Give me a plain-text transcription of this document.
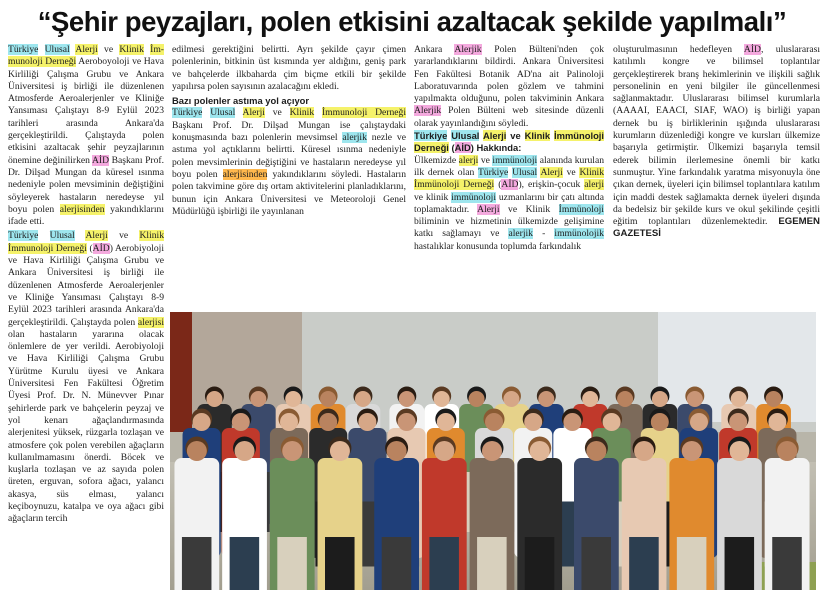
“Şehir peyzajları, polen etkisini azaltacak şekilde yapılmalı”

Türkiye Ulusal Alerji ve Klinik İm-munoloji Derneği Aeroboyoloji ve Hava Kirliliği Çalışma Grubu ve Ankara Üniversitesi iş birliği ile düzenlenen Atmosferde Aeroalerjenler ve Kliniğe Yansıması Çalıştayı 8-9 Eylül 2023 tarihleri arasında Ankara'da gerçekleştirildi. Çalıştayda polen etkisini azaltacak şehir peyzajlarının önemine değinilirken AİD Başkanı Prof. Dr. Dilşad Mungan da küresel ısınma nedeniyle polen mevsiminin değiştiğini söyleyerek hastaların neredeyse yıl boyu polen alerjisinden yakındıklarını ifade etti.

Türkiye Ulusal Alerji ve Klinik İmmunoloji Derneği (AİD) Aerobiyoloji ve Hava Kirliliği Çalışma Grubu ve Ankara Üniversitesi iş birliği ile düzenlenen Atmosferde Aeroalerjenler ve Kliniğe Yansıması Çalıştayı 8-9 Eylül 2023 tarihleri arasında Ankara'da gerçekleştirildi. Çalıştayda polen alerjisi olan hastaların yararına olacak önlemlere de yer verildi. Aerobiyoloji ve Hava Kirliliği Çalışma Grubu Yürütme Kurulu üyesi ve Ankara Üniversitesi Fen Fakültesi Öğretim Üyesi Prof. Dr. N. Münevver Pınar şehirlerde park ve bahçelerin peyzaj ve yol kenarı ağaçlandırmasında alerjenitesi yüksek, rüzgarla tozlaşan ve atmosfere çok polen verebilen ağaçların kullanılmamasını önerdi. Böcek ve kuşlarla tozlaşan ve az sayıda polen üreten, erguvan, sofora ağacı, yalancı akasya, süs elması, yalancı keçiboynuzu, katalpa ve oya ağacı gibi ağaçların tercih

edilmesi gerektiğini belirtti. Ayrı şekilde çayır çimen polenlerinin, bitkinin üst kısmında yer aldığını, geniş park ve bahçelerde ilkbaharda çim biçme etkili bir şekilde yapılırsa polen sayısının azalacağını ekledi.

Bazı polenler astıma yol açıyor

Türkiye Ulusal Alerji ve Klinik İmmunoloji Derneği Başkanı Prof. Dr. Dilşad Mungan ise çalıştaydaki konuşmasında bazı polenlerin mevsimsel alerjik nezle ve astıma yol açtıklarını belirtti. Küresel ısınma nedeniyle polen mevsimlerinin değiştiğini ve hastaların neredeyse yıl boyu polen alerjisinden yakındıklarını söyledi. Hastaların polen takvimine göre dış ortam aktivitelerini planladıklarını, bunun için Ankara Üniversitesi ve Meteoroloji Genel Müdürlüğü işbirliği ile yayınlanan

Ankara Alerjik Polen Bülteni'nden çok yararlandıklarını bildirdi. Ankara Üniversitesi Fen Fakültesi Botanik AD'na ait Palinoloji Laboratuvarında polen gözlem ve tahmini yapılmakta olduğunu, polen takviminin Ankara Alerjik Polen Bülteni web sitesinde düzenli olarak yayınlandığını söyledi.

Türkiye Ulusal Alerji ve Klinik İmmünoloji Derneği (AİD) Hakkında:

Ülkemizde alerji ve immünoloji alanında kurulan ilk dernek olan Türkiye Ulusal Alerji ve Klinik İmmünoloji Derneği (AİD), erişkin-çocuk alerji ve klinik immünoloji uzmanlarını bir çatı altında toplamaktadır. Alerji ve Klinik İmmünoloji biliminin ve hizmetinin ülkemizde gelişimine katkı sağlamayı ve alerjik - immünolojik hastalıklar konusunda toplumda farkındalık

oluşturulmasının hedefleyen AİD, uluslararası katılımlı kongre ve bilimsel toplantılar gerçekleştirerek branş hekimlerinin ve ilişkili sağlık personelinin en yeni bilgiler ile güncellenmesi sağlanmaktadır. Uluslararası bilimsel kurumlarla (AAAAI, EAACI, SIAF, WAO) iş birliği yapan dernek bu iş birliklerinin ışığında uluslararası kurumların düzenlediği kongre ve kursları ülkemize başarıyla getirmiştir. Ülkemizi başarıyla temsil ederek bilimin ilerlemesine önemli bir katkı sunmuştur. Yine farkındalık yaratma misyonuyla öne çıkan dernek, üyeleri için bilimsel toplantılara katılım için maddi destek sağlamakta dernek üyeleri dışında da bedelsiz bir şekilde kurs ve okul şekilinde çeşitli eğitim toplantıları düzenlemektedir. EGEMEN GAZETESİ
